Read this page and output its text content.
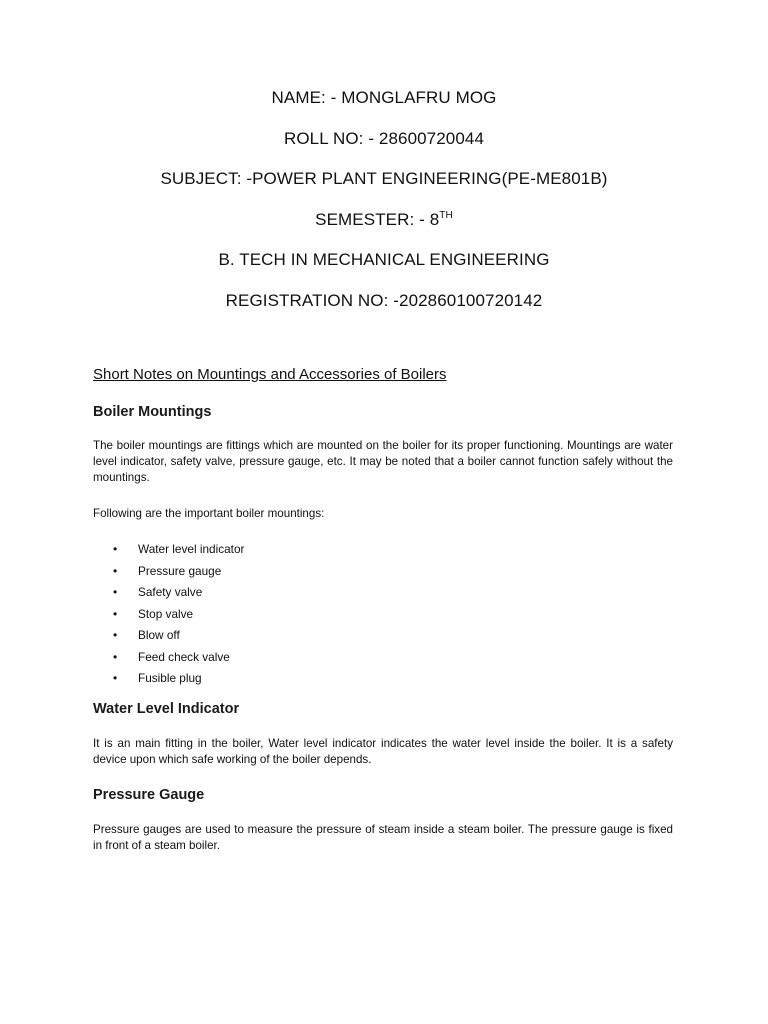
NAME: - MONGLAFRU MOG
ROLL NO: - 28600720044
SUBJECT: -POWER PLANT ENGINEERING(PE-ME801B)
SEMESTER: - 8TH
B. TECH IN MECHANICAL ENGINEERING
REGISTRATION NO: -202860100720142
Short Notes on Mountings and Accessories of Boilers
Boiler Mountings
The boiler mountings are fittings which are mounted on the boiler for its proper functioning. Mountings are water level indicator, safety valve, pressure gauge, etc. It may be noted that a boiler cannot function safely without the mountings.
Following are the important boiler mountings:
• Water level indicator
• Pressure gauge
• Safety valve
• Stop valve
• Blow off
• Feed check valve
• Fusible plug
Water Level Indicator
It is an main fitting in the boiler, Water level indicator indicates the water level inside the boiler. It is a safety device upon which safe working of the boiler depends.
Pressure Gauge
Pressure gauges are used to measure the pressure of steam inside a steam boiler. The pressure gauge is fixed in front of a steam boiler.
